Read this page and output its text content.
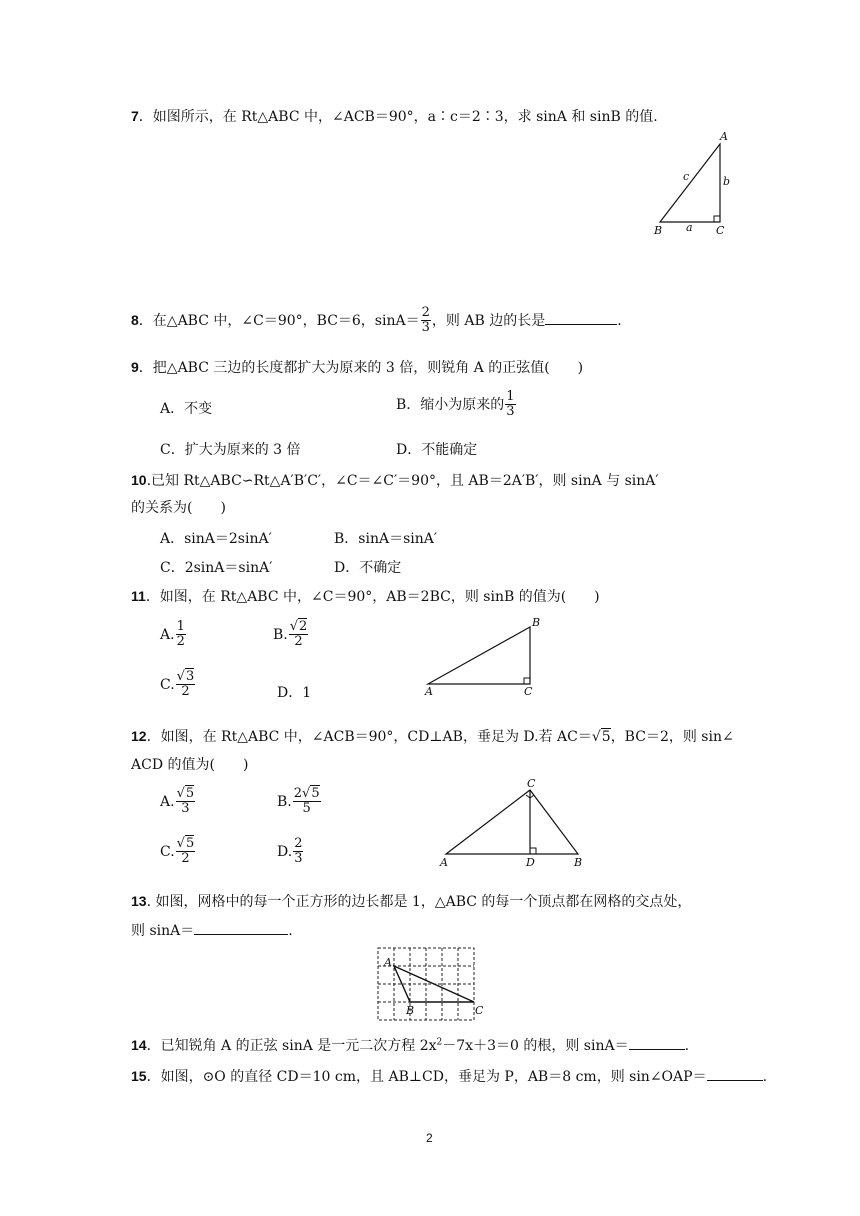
7．如图所示，在 Rt△ABC 中，∠ACB＝90°，a∶c＝2∶3，求 sinA 和 sinB 的值.
A
B	C
a
b
c
8．在△ABC 中，∠C＝90°，BC＝6，$\sin A= \frac{2}{3}$ ，则 AB 边的长是	.
9．把△ABC 三边的长度都扩大为原来的 3 倍，则锐角 A 的正弦值(　　)
A．不变	B．缩小为原来的 $\frac{1}{3}$
C．扩大为原来的 3 倍	D．不能确定
10.已知 Rt△ABC∽Rt△A′B′C′，∠C＝∠C′＝90°，且 AB＝2A′B′，则 sinA 与 sinA′
的关系为(　　)
A．sinA＝2sinA′	B．sinA＝sinA′
C．2sinA＝sinA′	D．不确定
11．如图，在 Rt△ABC 中，∠C＝90°，AB＝2BC，则 sinB 的值为(　　)
A. $\frac{1}{2}$	B. $\frac{√2}{2}$
C. $\frac{√3}{2}$	D．1
B
A	C
12．如图，在 Rt△ABC 中，∠ACB＝90°，CD⊥AB，垂足为 D.若 AC＝√5，BC＝2，则 sin∠
ACD 的值为(　　)
A. $\frac{√5}{3}$	B. $\frac{2√5}{5}$
C. $\frac{√5}{2}$	D. $\frac{2}{3}$
C
A	D	B
13. 如图，网格中的每一个正方形的边长都是 1，△ABC 的每一个顶点都在网格的交点处，
则 sinA＝	.
A
B	C
14．已知锐角 A 的正弦 sinA 是一元二次方程 $2x^2-7x+3=0$ 的根，则 sinA＝	.
15．如图，⊙O 的直径 CD＝10 cm，且 AB⊥CD，垂足为 P，AB＝8 cm，则 sin∠OAP＝	.
2
